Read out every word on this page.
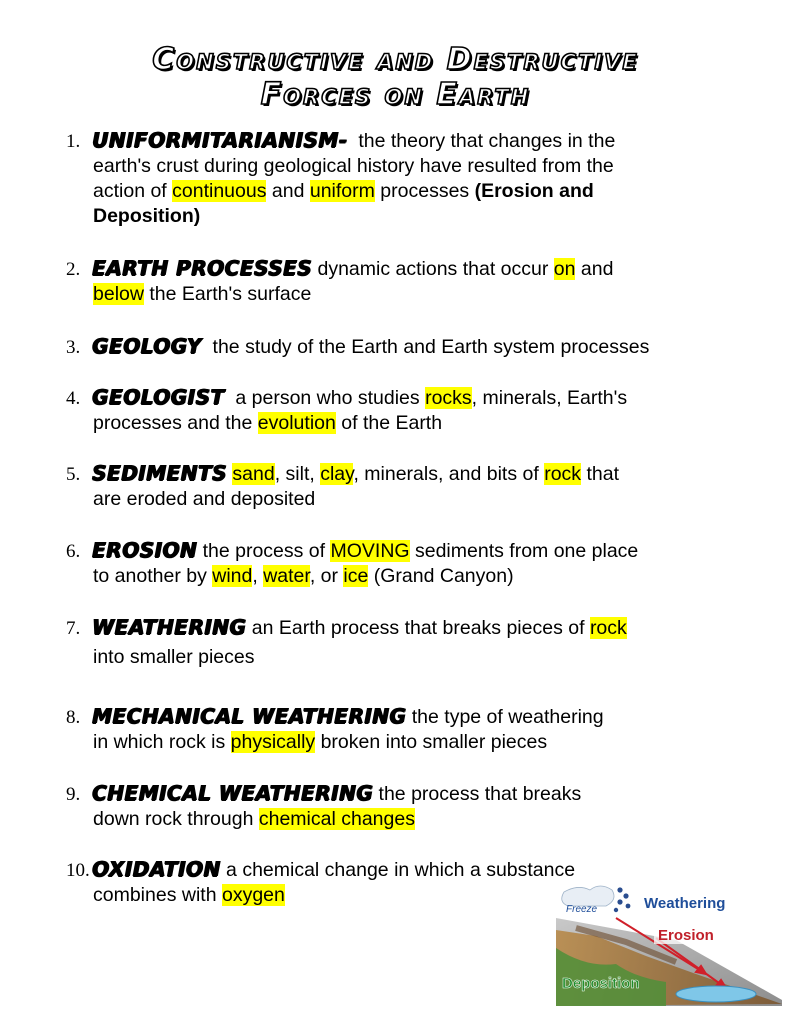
Constructive and Destructive
Forces on Earth
1. UNIFORMITARIANISM- the theory that changes in the
earth's crust during geological history have resulted from the
action of continuous and uniform processes (Erosion and
Deposition)
2. EARTH PROCESSES dynamic actions that occur on and
below the Earth's surface
3. GEOLOGY  the study of the Earth and Earth system processes
4. GEOLOGIST  a person who studies rocks, minerals, Earth's
processes and the evolution of the Earth
5. SEDIMENTS sand, silt, clay, minerals, and bits of rock that
are eroded and deposited
6. EROSION the process of MOVING sediments from one place
to another by wind, water, or ice (Grand Canyon)
7. WEATHERING an Earth process that breaks pieces of rock
into smaller pieces
8. MECHANICAL WEATHERING the type of weathering
in which rock is physically broken into smaller pieces
9. CHEMICAL WEATHERING the process that breaks
down rock through chemical changes
10. OXIDATION a chemical change in which a substance
combines with oxygen
Freeze	Weathering
Erosion
Deposition
